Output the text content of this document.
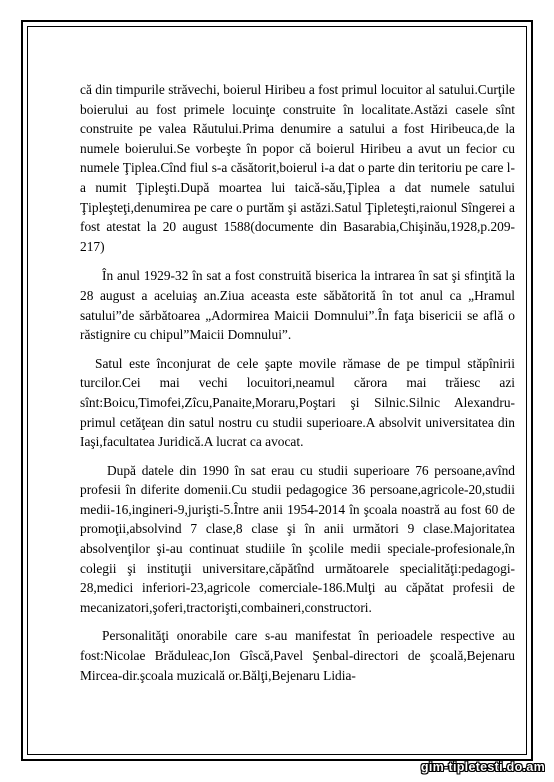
că din timpurile străvechi, boierul Hiribeu a fost primul locuitor al satului.Curţile boierului au fost primele locuinţe construite în localitate.Astăzi casele sînt construite pe valea Răutului.Prima denumire a satului a fost Hiribeuca,de la numele boierului.Se vorbeşte în popor că boierul Hiribeu a avut un fecior cu numele Ţiplea.Cînd fiul s-a căsătorit,boierul i-a dat o parte din teritoriu pe care l-a numit Ţipleşti.După moartea lui taică-său,Ţiplea a dat numele satului Ţipleşteţi,denumirea pe care o purtăm şi astăzi.Satul Ţipleteşti,raionul Sîngerei a fost atestat la 20 august 1588(documente din Basarabia,Chişinău,1928,p.209-217)

În anul 1929-32 în sat a fost construită biserica la intrarea în sat şi sfinţită la 28 august a aceluiaş an.Ziua aceasta este săbătorită în tot anul ca „Hramul satului”de sărbătoarea „Adormirea Maicii Domnului”.În faţa bisericii se află o răstignire cu chipul”Maicii Domnului”.

Satul este înconjurat de cele şapte movile rămase de pe timpul stăpînirii turcilor.Cei mai vechi locuitori,neamul cărora mai trăiesc azi sînt:Boicu,Timofei,Zîcu,Panaite,Moraru,Poştari şi Silnic.Silnic Alexandru-primul cetăţean din satul nostru cu studii superioare.A absolvit universitatea din Iaşi,facultatea Juridică.A lucrat ca avocat.

După datele din 1990 în sat erau cu studii superioare 76 persoane,avînd profesii în diferite domenii.Cu studii pedagogice 36 persoane,agricole-20,studii medii-16,ingineri-9,jurişti-5.Între anii 1954-2014 în şcoala noastră au fost 60 de promoţii,absolvind 7 clase,8 clase şi în anii următori 9 clase.Majoritatea absolvenţilor şi-au continuat studiile în şcolile medii speciale-profesionale,în colegii şi instituţii universitare,căpătînd următoarele specialităţi:pedagogi-28,medici inferiori-23,agricole comerciale-186.Mulţi au căpătat profesii de mecanizatori,şoferi,tractorişti,combaineri,constructori.

Personalităţi onorabile care s-au manifestat în perioadele respective au fost:Nicolae Brăduleac,Ion Gîscă,Pavel Şenbal-directori de şcoală,Bejenaru Mircea-dir.şcoala muzicală or.Bălţi,Bejenaru Lidia-

gim-tipletesti.do.am
